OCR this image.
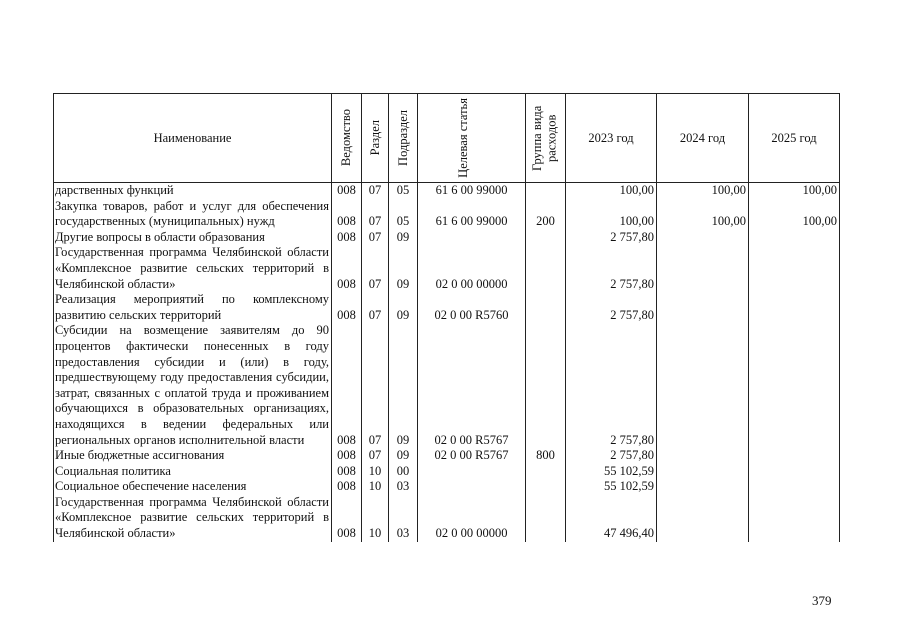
Наименование	Ведомство	Раздел	Подраздел	Целевая статья	Группа вида расходов	2023 год	2024 год	2025 год
дарственных функций	008	07	05	61 6 00 99000		100,00	100,00	100,00
Закупка товаров, работ и услуг для обеспечения государственных (муниципальных) нужд	008	07	05	61 6 00 99000	200	100,00	100,00	100,00
Другие вопросы в области образования	008	07	09			2 757,80		
Государственная программа Челябинской области «Комплексное развитие сельских территорий в Челябинской области»	008	07	09	02 0 00 00000		2 757,80		
Реализация мероприятий по комплексному развитию сельских территорий	008	07	09	02 0 00 R5760		2 757,80		
Субсидии на возмещение заявителям до 90 процентов фактически понесенных в году предоставления субсидии и (или) в году, предшествующему году предоставления субсидии, затрат, связанных с оплатой труда и проживанием обучающихся в образовательных организациях, находящихся в ведении федеральных или региональных органов исполнительной власти	008	07	09	02 0 00 R5767		2 757,80		
Иные бюджетные ассигнования	008	07	09	02 0 00 R5767	800	2 757,80		
Социальная политика	008	10	00			55 102,59		
Социальное обеспечение населения	008	10	03			55 102,59		
Государственная программа Челябинской области «Комплексное развитие сельских территорий в Челябинской области»	008	10	03	02 0 00 00000		47 496,40		
379
